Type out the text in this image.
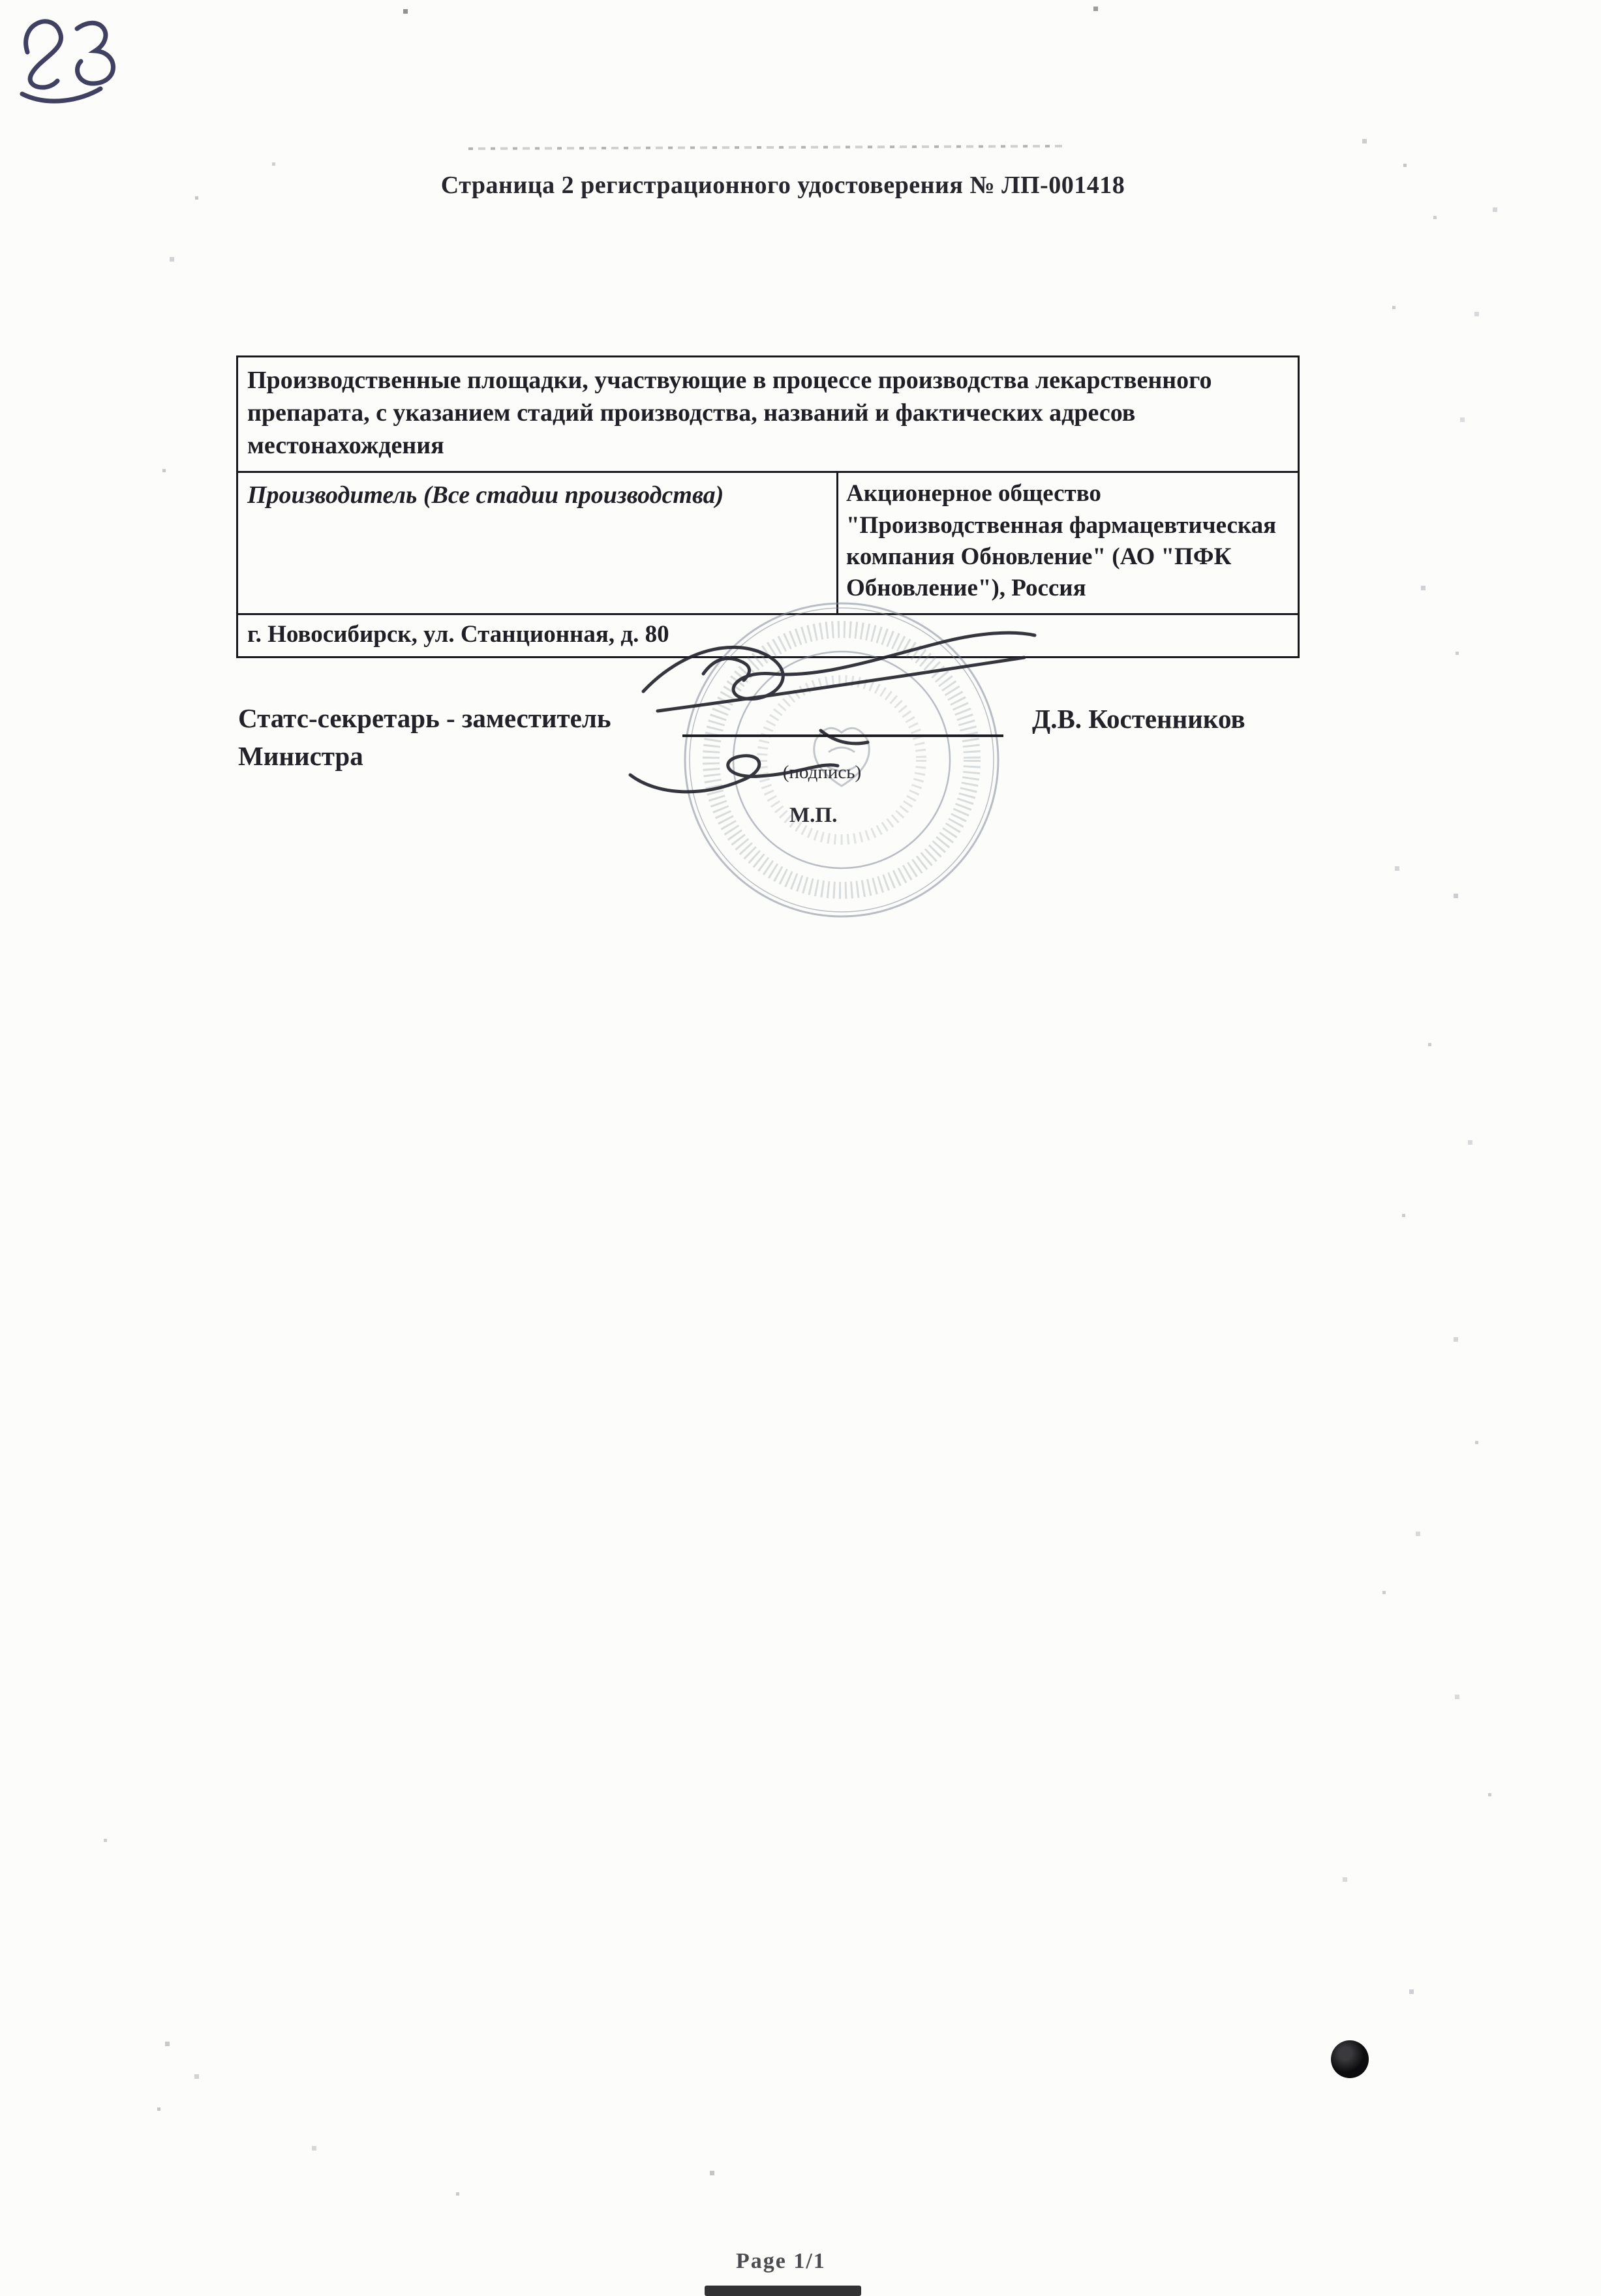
Страница 2 регистрационного удостоверения № ЛП-001418
Производственные площадки, участвующие в процессе производства лекарственного препарата, с указанием стадий производства, названий и фактических адресов местонахождения
Производитель (Все стадии производства)	Акционерное общество "Производственная фармацевтическая компания Обновление" (АО "ПФК Обновление"), Россия
г. Новосибирск, ул. Станционная, д. 80
Статс-секретарь - заместитель
Министра
Д.В. Костенников
(подпись)
М.П.
Page 1/1
